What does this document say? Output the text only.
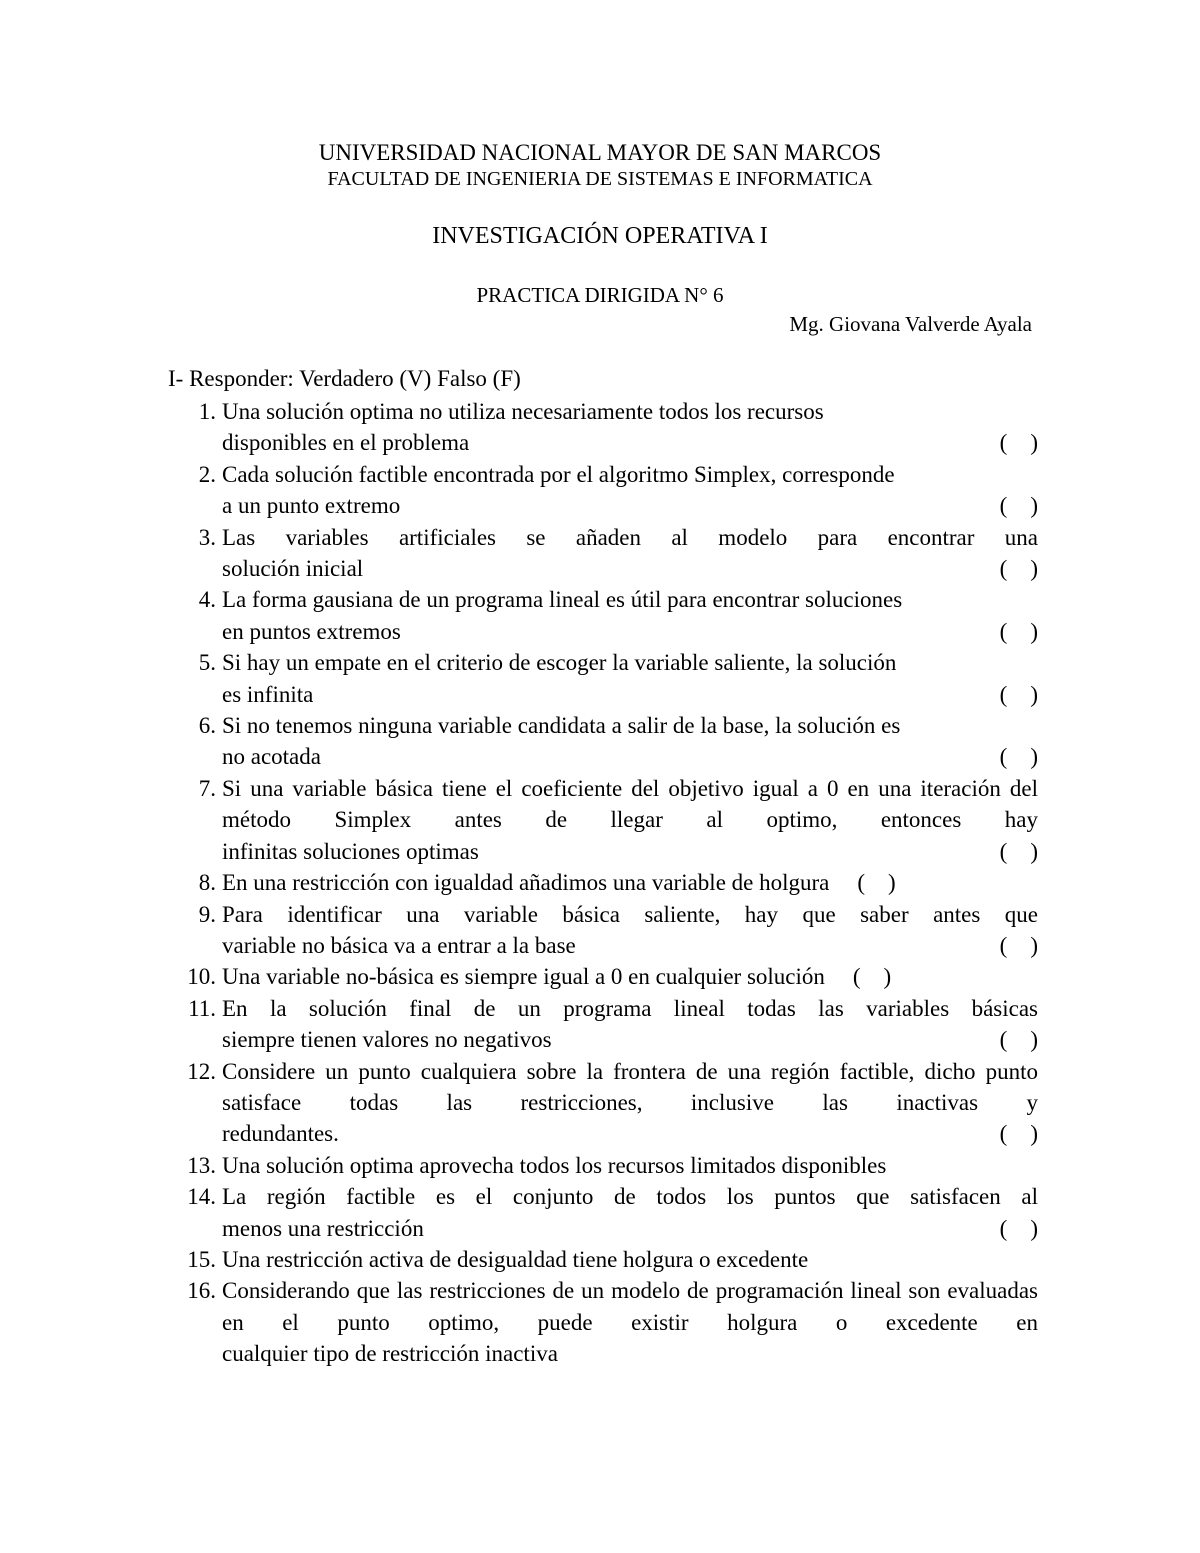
UNIVERSIDAD NACIONAL MAYOR DE SAN MARCOS
FACULTAD DE INGENIERIA DE SISTEMAS E INFORMATICA
INVESTIGACIÓN OPERATIVA I
PRACTICA DIRIGIDA N° 6
Mg. Giovana Valverde Ayala
I- Responder: Verdadero (V) Falso (F)
1. Una solución optima no utiliza necesariamente todos los recursos
disponibles en el problema	(    )
2. Cada solución factible encontrada por el algoritmo Simplex, corresponde
a un punto extremo	(    )
3. Las variables artificiales se añaden al modelo para encontrar una
solución inicial	(    )
4. La forma gausiana de un programa lineal es útil para encontrar soluciones
en puntos extremos	(    )
5. Si hay un empate en el criterio de escoger la variable saliente, la solución
es infinita	(    )
6. Si no tenemos ninguna variable candidata a salir de la base, la solución es
no acotada	(    )
7. Si una variable básica tiene el coeficiente del objetivo igual a 0 en una iteración del método Simplex antes de llegar al optimo, entonces hay
infinitas soluciones optimas	(    )
8. En una restricción con igualdad añadimos una variable de holgura (    )
9. Para identificar una variable básica saliente, hay que saber antes que
variable no básica va a entrar a la base	(    )
10. Una variable no-básica es siempre igual a 0 en cualquier solución (    )
11. En la solución final de un programa lineal todas las variables básicas
siempre tienen valores no negativos	(    )
12. Considere un punto cualquiera sobre la frontera de una región factible, dicho punto satisface todas las restricciones, inclusive las inactivas y
redundantes.	(    )
13. Una solución optima aprovecha todos los recursos limitados disponibles
14. La región factible es el conjunto de todos los puntos que satisfacen al
menos una restricción	(    )
15. Una restricción activa de desigualdad tiene holgura o excedente
16. Considerando que las restricciones de un modelo de programación lineal son evaluadas en el punto optimo, puede existir holgura o excedente en
cualquier tipo de restricción inactiva
